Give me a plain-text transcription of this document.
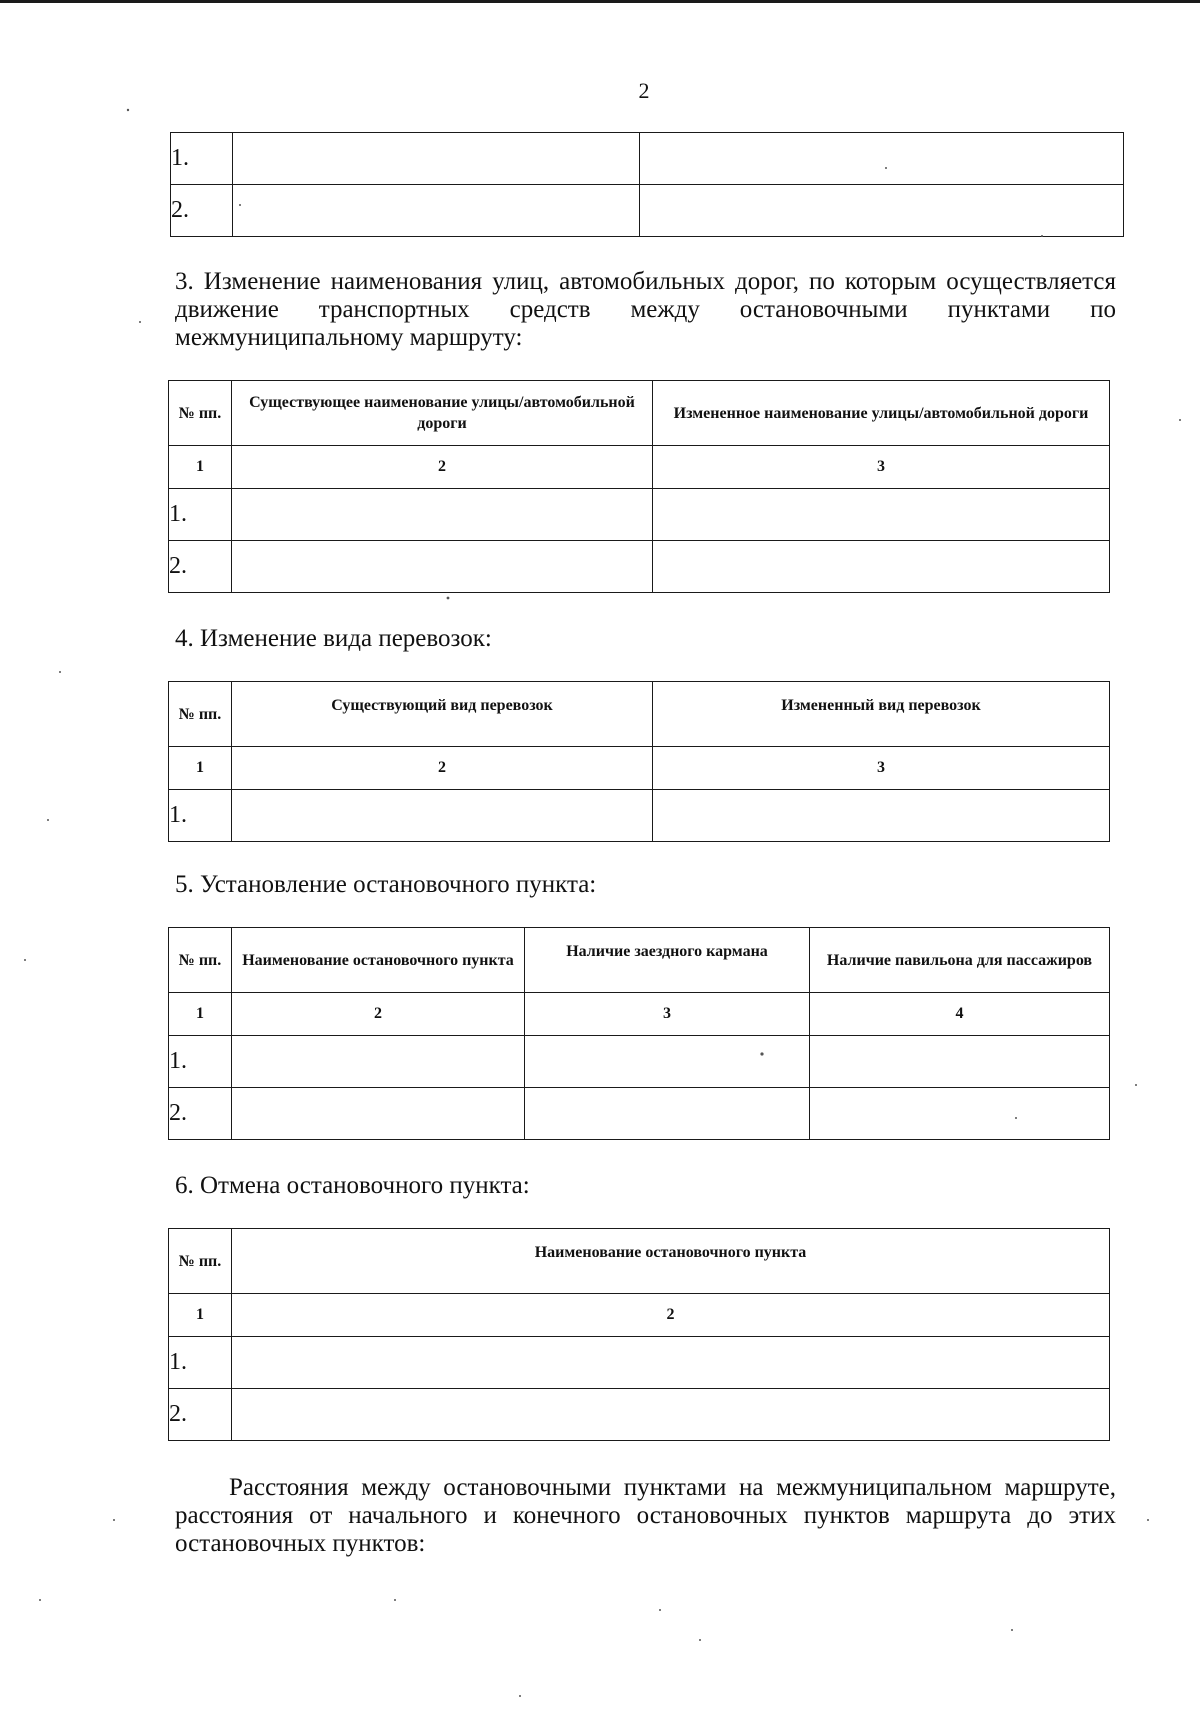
2
1.		
2.		
3. Изменение наименования улиц, автомобильных дорог, по которым осуществляется движение транспортных средств между остановочными пунктами по межмуниципальному маршруту:
№ пп.	Существующее наименование улицы/автомобильной дороги	Измененное наименование улицы/автомобильной дороги
1	2	3
1.		
2.		
4. Изменение вида перевозок:
№ пп.	Существующий вид перевозок	Измененный вид перевозок
1	2	3
1.		
5. Установление остановочного пункта:
№ пп.	Наименование остановочного пункта	Наличие заездного кармана	Наличие павильона для пассажиров
1	2	3	4
1.			
2.			
6. Отмена остановочного пункта:
№ пп.	Наименование остановочного пункта
1	2
1.	
2.	
Расстояния между остановочными пунктами на межмуниципальном маршруте, расстояния от начального и конечного остановочных пунктов маршрута до этих остановочных пунктов:
